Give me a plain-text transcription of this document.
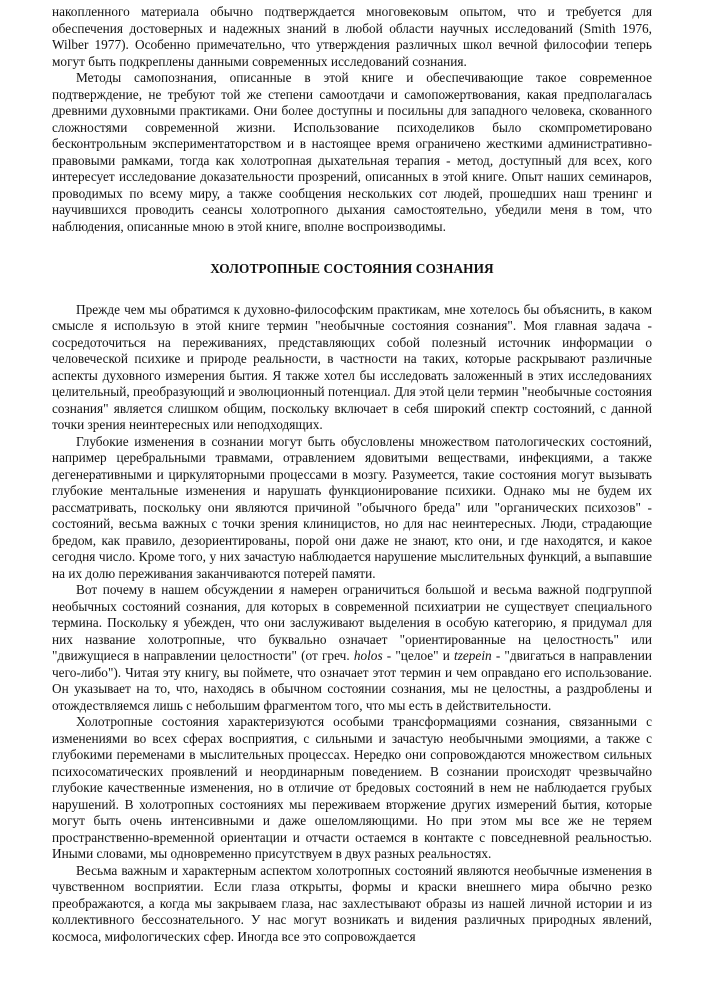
накопленного материала обычно подтверждается многовековым опытом, что и требуется для обеспечения достоверных и надежных знаний в любой области научных исследований (Smith 1976, Wilber 1977). Особенно примечательно, что утверждения различных школ вечной философии теперь могут быть подкреплены данными современных исследований сознания.

Методы самопознания, описанные в этой книге и обеспечивающие такое современное подтверждение, не требуют той же степени самоотдачи и самопожертвования, какая предполагалась древними духовными практиками. Они более доступны и посильны для западного человека, скованного сложностями современной жизни. Использование психоделиков было скомпрометировано бесконтрольным экспериментаторством и в настоящее время ограничено жесткими административно-правовыми рамками, тогда как холотропная дыхательная терапия - метод, доступный для всех, кого интересует исследование доказательности прозрений, описанных в этой книге. Опыт наших семинаров, проводимых по всему миру, а также сообщения нескольких сот людей, прошедших наш тренинг и научившихся проводить сеансы холотропного дыхания самостоятельно, убедили меня в том, что наблюдения, описанные мною в этой книге, вполне воспроизводимы.

ХОЛОТРОПНЫЕ СОСТОЯНИЯ СОЗНАНИЯ

Прежде чем мы обратимся к духовно-философским практикам, мне хотелось бы объяснить, в каком смысле я использую в этой книге термин "необычные состояния сознания". Моя главная задача - сосредоточиться на переживаниях, представляющих собой полезный источник информации о человеческой психике и природе реальности, в частности на таких, которые раскрывают различные аспекты духовного измерения бытия. Я также хотел бы исследовать заложенный в этих исследованиях целительный, преобразующий и эволюционный потенциал. Для этой цели термин "необычные состояния сознания" является слишком общим, поскольку включает в себя широкий спектр состояний, с данной точки зрения неинтересных или неподходящих.

Глубокие изменения в сознании могут быть обусловлены множеством патологических состояний, например церебральными травмами, отравлением ядовитыми веществами, инфекциями, а также дегенеративными и циркуляторными процессами в мозгу. Разумеется, такие состояния могут вызывать глубокие ментальные изменения и нарушать функционирование психики. Однако мы не будем их рассматривать, поскольку они являются причиной "обычного бреда" или "органических психозов" - состояний, весьма важных с точки зрения клиницистов, но для нас неинтересных. Люди, страдающие бредом, как правило, дезориентированы, порой они даже не знают, кто они, и где находятся, и какое сегодня число. Кроме того, у них зачастую наблюдается нарушение мыслительных функций, а выпавшие на их долю переживания заканчиваются потерей памяти.

Вот почему в нашем обсуждении я намерен ограничиться большой и весьма важной подгруппой необычных состояний сознания, для которых в современной психиатрии не существует специального термина. Поскольку я убежден, что они заслуживают выделения в особую категорию, я придумал для них название холотропные, что буквально означает "ориентированные на целостность" или "движущиеся в направлении целостности" (от греч. holos - "целое" и tzepein - "двигаться в направлении чего-либо"). Читая эту книгу, вы поймете, что означает этот термин и чем оправдано его использование. Он указывает на то, что, находясь в обычном состоянии сознания, мы не целостны, а раздроблены и отождествляемся лишь с небольшим фрагментом того, что мы есть в действительности.

Холотропные состояния характеризуются особыми трансформациями сознания, связанными с изменениями во всех сферах восприятия, с сильными и зачастую необычными эмоциями, а также с глубокими переменами в мыслительных процессах. Нередко они сопровождаются множеством сильных психосоматических проявлений и неординарным поведением. В сознании происходят чрезвычайно глубокие качественные изменения, но в отличие от бредовых состояний в нем не наблюдается грубых нарушений. В холотропных состояниях мы переживаем вторжение других измерений бытия, которые могут быть очень интенсивными и даже ошеломляющими. Но при этом мы все же не теряем пространственно-временной ориентации и отчасти остаемся в контакте с повседневной реальностью. Иными словами, мы одновременно присутствуем в двух разных реальностях.

Весьма важным и характерным аспектом холотропных состояний являются необычные изменения в чувственном восприятии. Если глаза открыты, формы и краски внешнего мира обычно резко преображаются, а когда мы закрываем глаза, нас захлестывают образы из нашей личной истории и из коллективного бессознательного. У нас могут возникать и видения различных природных явлений, космоса, мифологических сфер. Иногда все это сопровождается
